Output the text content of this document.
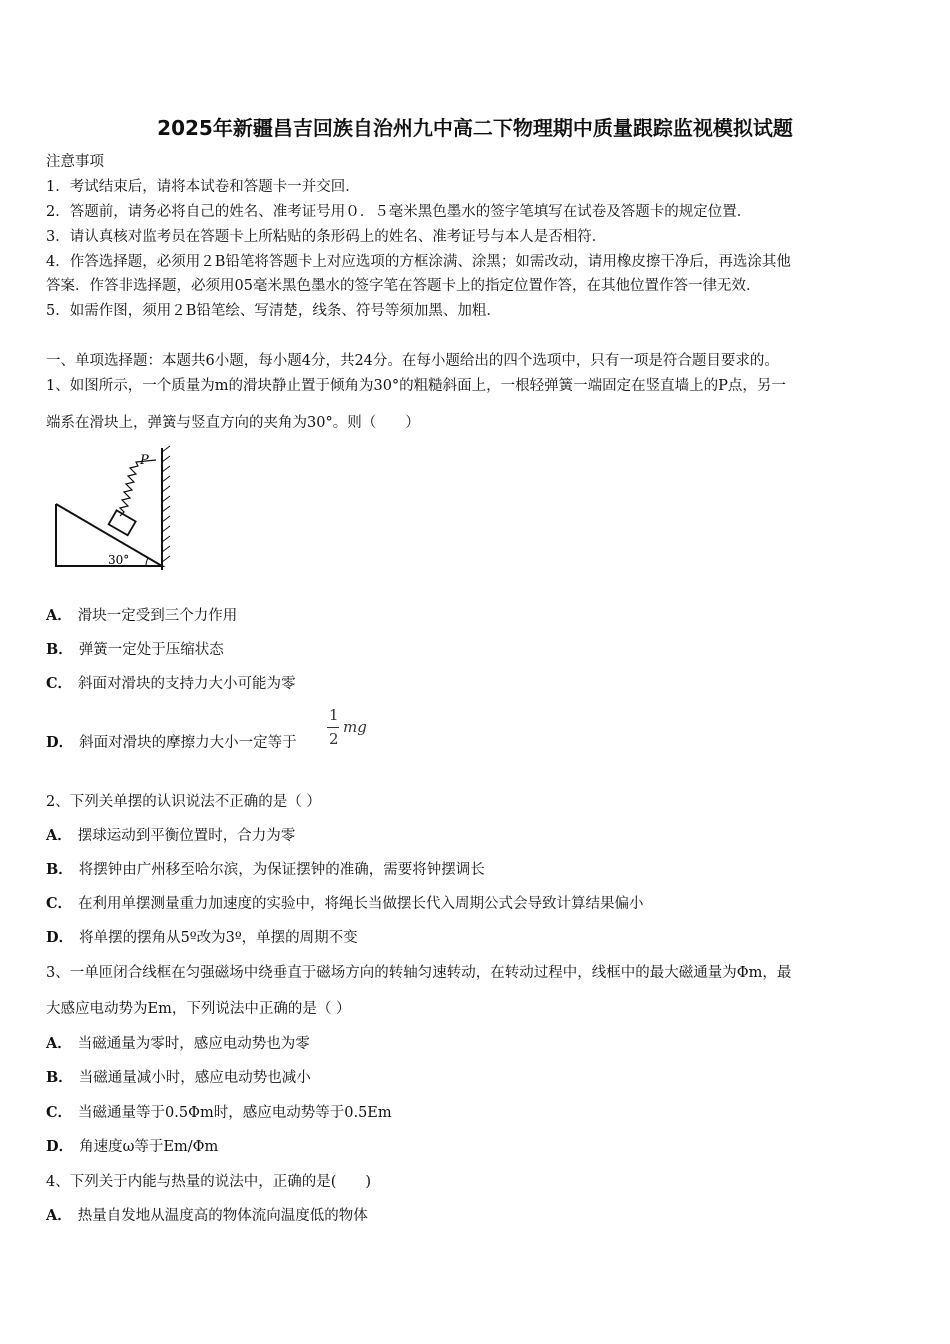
2025年新疆昌吉回族自治州九中高二下物理期中质量跟踪监视模拟试题
注意事项
1．考试结束后，请将本试卷和答题卡一并交回．
2．答题前，请务必将自己的姓名、准考证号用０．５毫米黑色墨水的签字笔填写在试卷及答题卡的规定位置．
3．请认真核对监考员在答题卡上所粘贴的条形码上的姓名、准考证号与本人是否相符．
4．作答选择题，必须用２B铅笔将答题卡上对应选项的方框涂满、涂黑；如需改动，请用橡皮擦干净后，再选涂其他
答案．作答非选择题，必须用05毫米黑色墨水的签字笔在答题卡上的指定位置作答，在其他位置作答一律无效．
5．如需作图，须用２B铅笔绘、写清楚，线条、符号等须加黑、加粗．
一、单项选择题：本题共6小题，每小题4分，共24分。在每小题给出的四个选项中，只有一项是符合题目要求的。
1、如图所示，一个质量为m的滑块静止置于倾角为30°的粗糙斜面上，一根轻弹簧一端固定在竖直墙上的P点，另一
端系在滑块上，弹簧与竖直方向的夹角为30°。则（　　）
P
30°
A． 滑块一定受到三个力作用
B． 弹簧一定处于压缩状态
C． 斜面对滑块的支持力大小可能为零
D． 斜面对滑块的摩擦力大小一定等于
1
2
mg
2、下列关单摆的认识说法不正确的是（ ）
A． 摆球运动到平衡位置时，合力为零
B． 将摆钟由广州移至哈尔滨，为保证摆钟的准确，需要将钟摆调长
C． 在利用单摆测量重力加速度的实验中，将绳长当做摆长代入周期公式会导致计算结果偏小
D． 将单摆的摆角从5º改为3º，单摆的周期不变
3、一单匝闭合线框在匀强磁场中绕垂直于磁场方向的转轴匀速转动，在转动过程中，线框中的最大磁通量为Φm，最
大感应电动势为Em，下列说法中正确的是（ ）
A． 当磁通量为零时，感应电动势也为零
B． 当磁通量减小时，感应电动势也减小
C． 当磁通量等于0.5Φm时，感应电动势等于0.5Em
D． 角速度ω等于Em/Φm
4、下列关于内能与热量的说法中，正确的是(　　)
A． 热量自发地从温度高的物体流向温度低的物体
